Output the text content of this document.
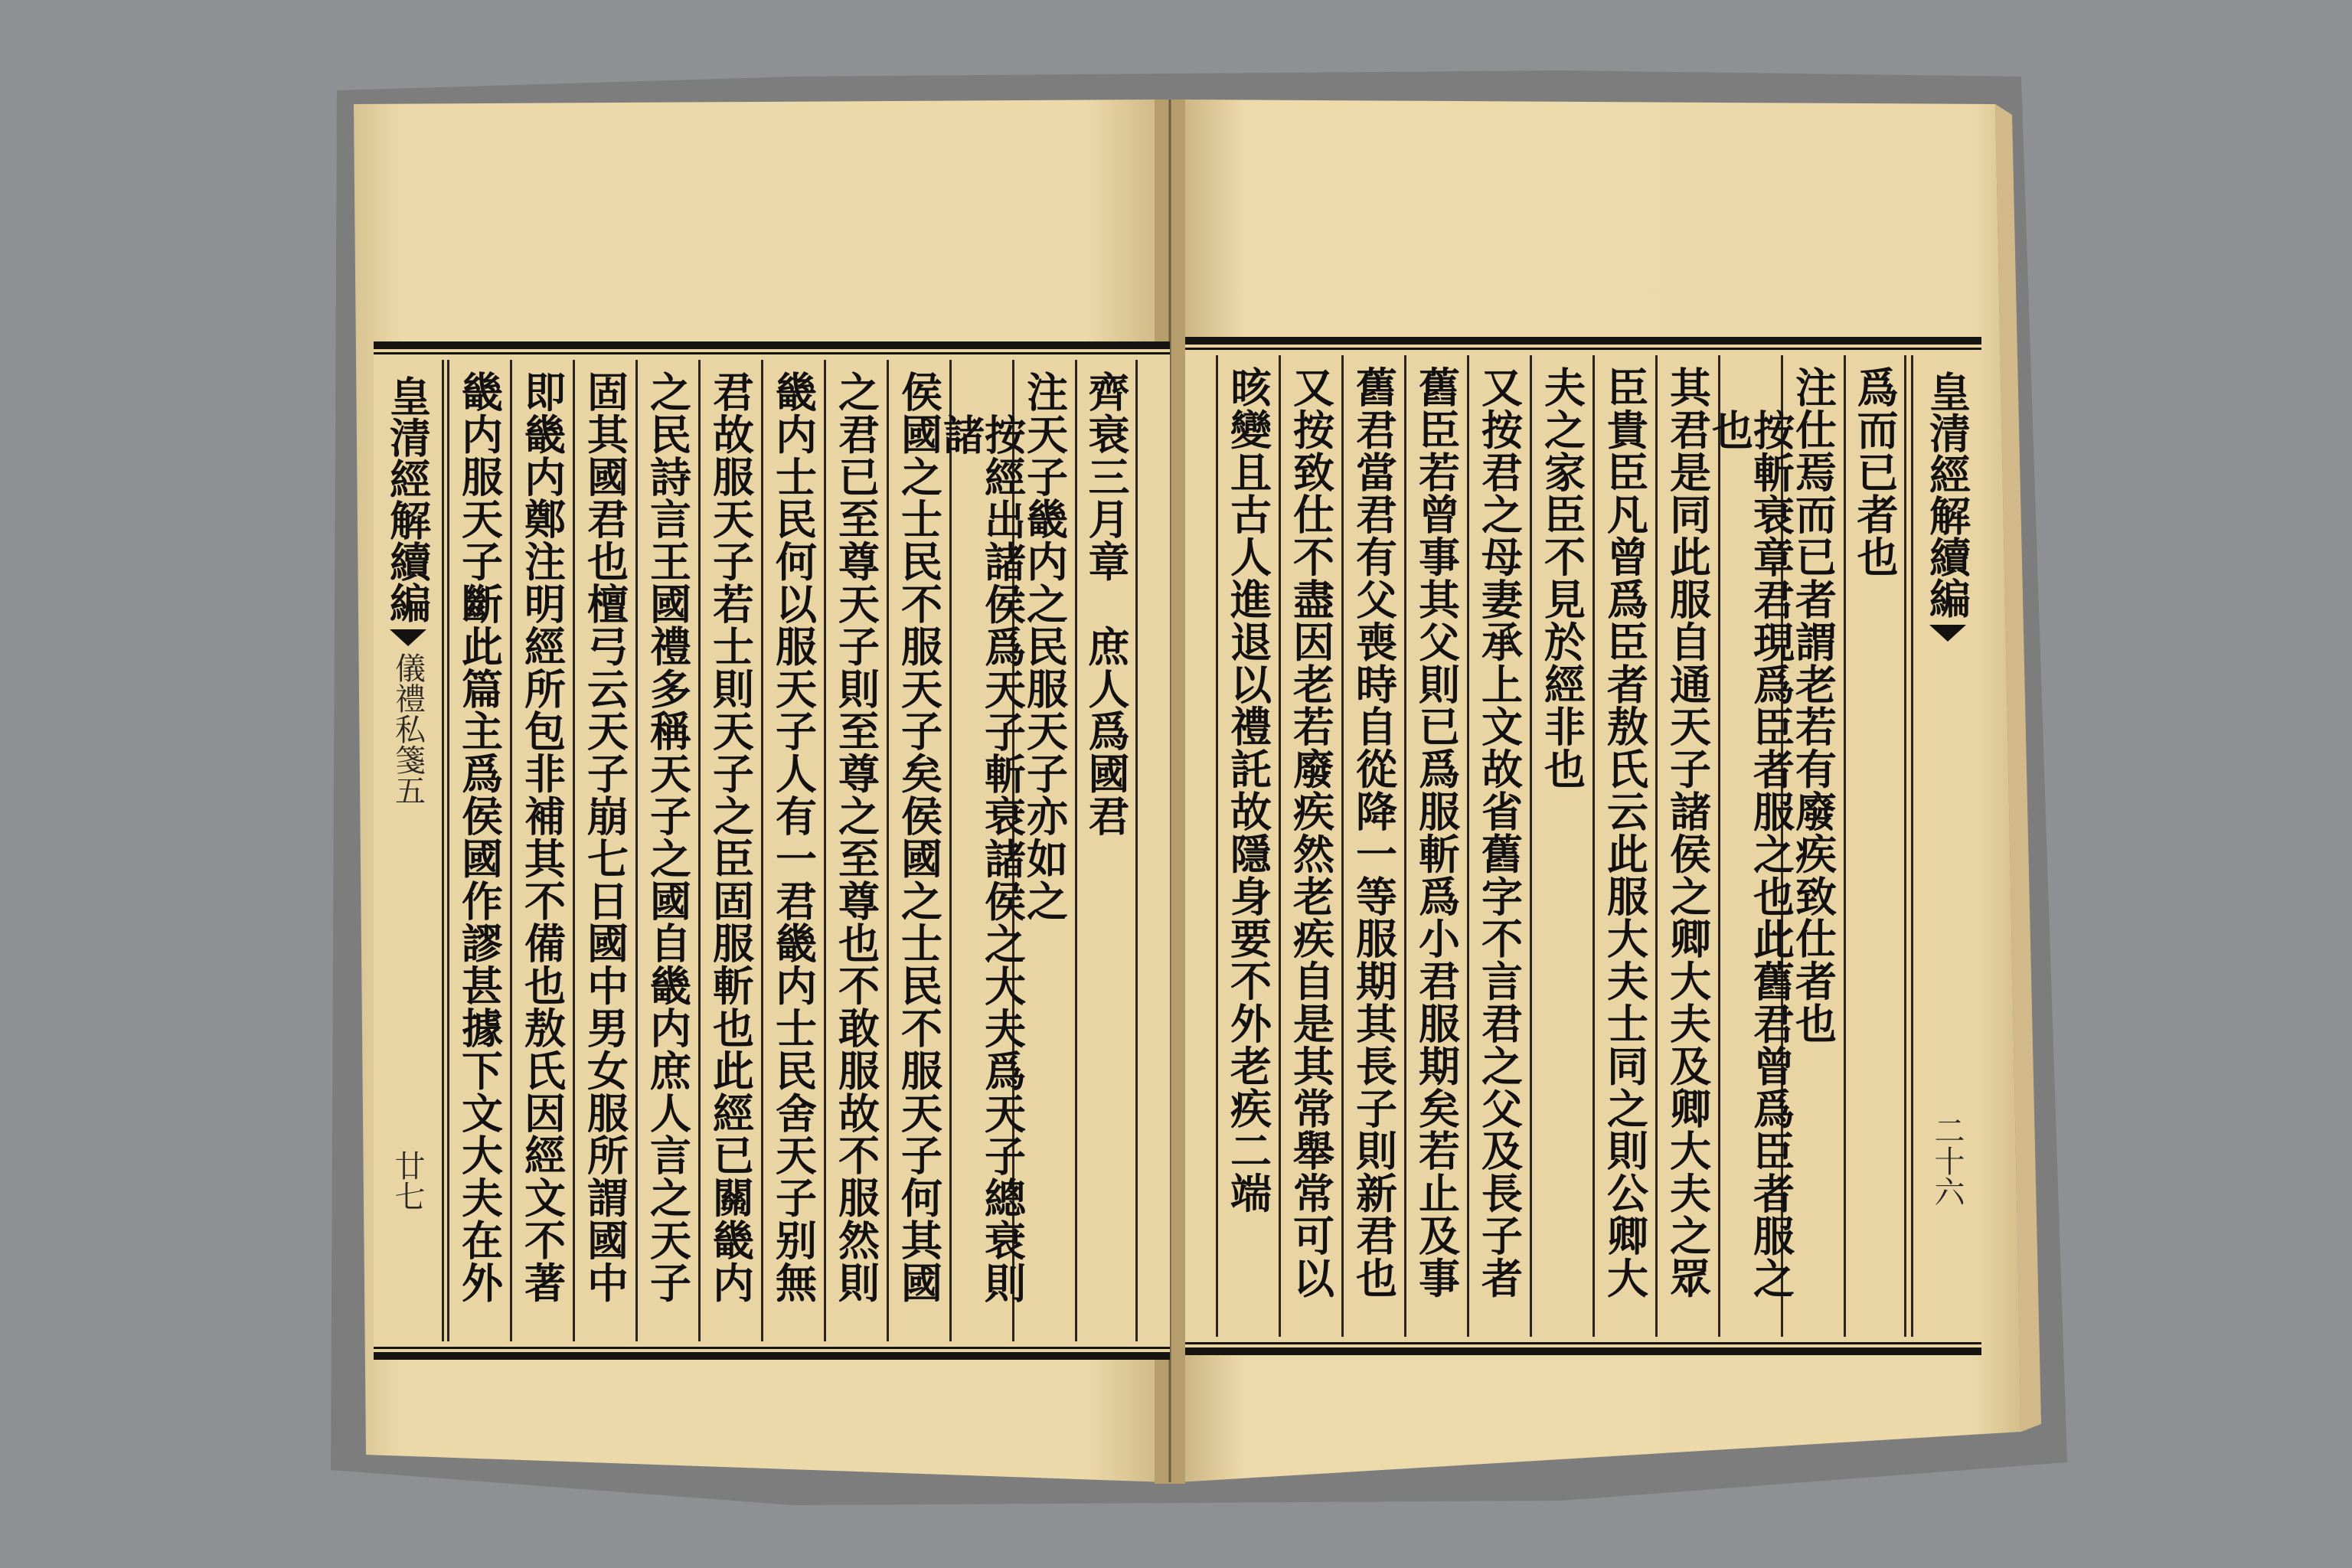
齊衰三月章　庶人爲國君
注天子畿内之民服天子亦如之
按經出諸侯爲天子斬衰諸侯之大夫爲天子總衰則諸
侯國之士民不服天子矣侯國之士民不服天子何其國
之君已至尊天子則至尊之至尊也不敢服故不服然則
畿内士民何以服天子人有一君畿内士民舍天子别無
君故服天子若士則天子之臣固服斬也此經已關畿内
之民詩言王國禮多稱天子之國自畿内庶人言之天子
固其國君也檀弓云天子崩七日國中男女服所謂國中
即畿内鄭注明經所包非補其不備也敖氏因經文不著
畿内服天子斷此篇主爲侯國作謬甚據下文大夫在外
皇清經解續編
儀禮私箋五
廿七
爲而已者也
注仕焉而已者謂老若有廢疾致仕者也
按斬衰章君現爲臣者服之也此舊君曾爲臣者服之也
其君是同此服自通天子諸侯之卿大夫及卿大夫之眾
臣貴臣凡曾爲臣者敖氏云此服大夫士同之則公卿大
夫之家臣不見於經非也
又按君之母妻承上文故省舊字不言君之父及長子者
舊臣若曾事其父則已爲服斬爲小君服期矣若止及事
舊君當君有父喪時自從降一等服期其長子則新君也
又按致仕不盡因老若廢疾然老疾自是其常舉常可以
晐變且古人進退以禮託故隱身要不外老疾二端	皇清經解續編
二十六
